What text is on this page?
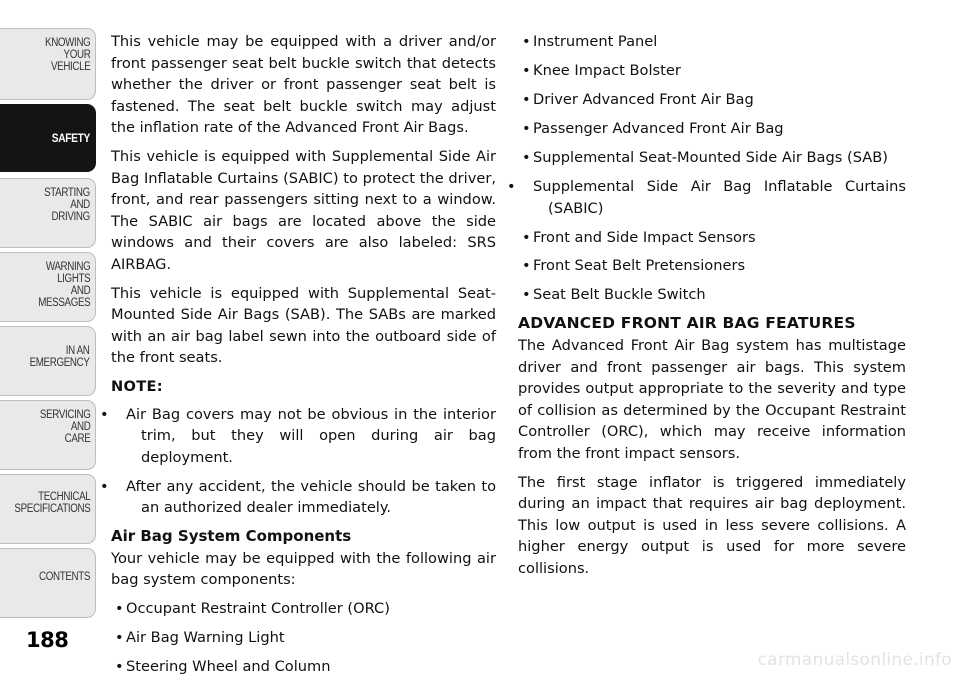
KNOWING
YOUR
VEHICLE
SAFETY
STARTING
AND
DRIVING
WARNING
LIGHTS
AND
MESSAGES
IN AN
EMERGENCY
SERVICING
AND
CARE
TECHNICAL
SPECIFICATIONS
CONTENTS
188

This vehicle may be equipped with a driver and/or front passenger seat belt buckle switch that detects whether the driver or front passenger seat belt is fastened. The seat belt buckle switch may adjust the inflation rate of the Advanced Front Air Bags.

This vehicle is equipped with Supplemental Side Air Bag Inflatable Curtains (SABIC) to protect the driver, front, and rear passengers sitting next to a window. The SABIC air bags are located above the side windows and their covers are also labeled: SRS AIRBAG.

This vehicle is equipped with Supplemental Seat-Mounted Side Air Bags (SAB). The SABs are marked with an air bag label sewn into the outboard side of the front seats.

NOTE:
• Air Bag covers may not be obvious in the interior trim, but they will open during air bag deployment.
• After any accident, the vehicle should be taken to an authorized dealer immediately.
Air Bag System Components

Your vehicle may be equipped with the following air bag system components:

• Occupant Restraint Controller (ORC)
• Air Bag Warning Light
• Steering Wheel and Column
• Instrument Panel
• Knee Impact Bolster
• Driver Advanced Front Air Bag
• Passenger Advanced Front Air Bag
• Supplemental Seat-Mounted Side Air Bags (SAB)
• Supplemental Side Air Bag Inflatable Curtains (SABIC)
• Front and Side Impact Sensors
• Front Seat Belt Pretensioners
• Seat Belt Buckle Switch
ADVANCED FRONT AIR BAG FEATURES

The Advanced Front Air Bag system has multistage driver and front passenger air bags. This system provides output appropriate to the severity and type of collision as determined by the Occupant Restraint Controller (ORC), which may receive information from the front impact sensors.

The first stage inflator is triggered immediately during an impact that requires air bag deployment. This low output is used in less severe collisions. A higher energy output is used for more severe collisions.

carmanualsonline.info
